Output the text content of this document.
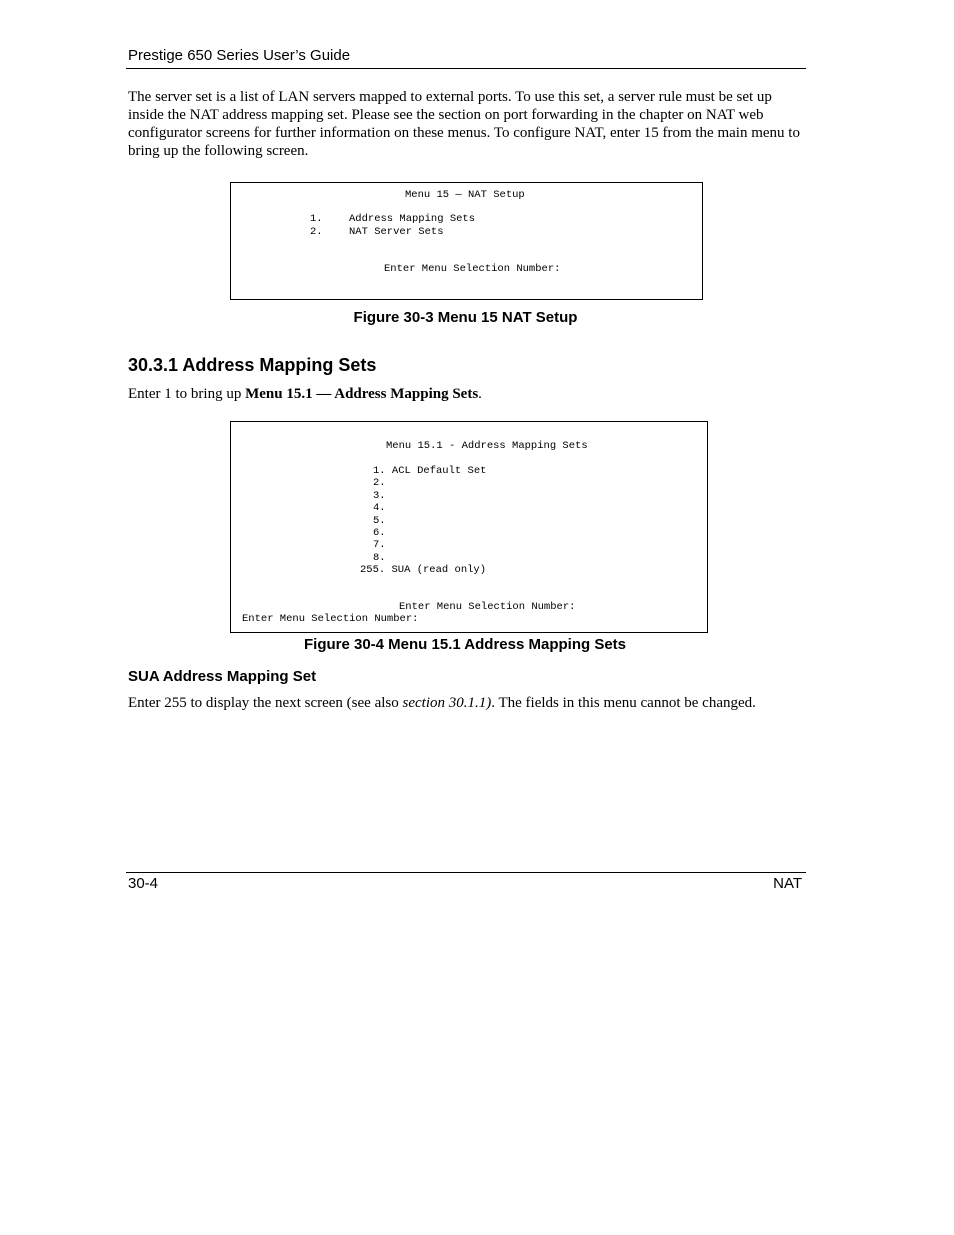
Prestige 650 Series User’s Guide
The server set is a list of LAN servers mapped to external ports. To use this set, a server rule must be set up inside the NAT address mapping set. Please see the section on port forwarding in the chapter on NAT web configurator screens for further information on these menus. To configure NAT, enter 15 from the main menu to bring up the following screen.
Menu 15 — NAT Setup
1.	Address Mapping Sets
2.	NAT Server Sets
Enter Menu Selection Number:
Figure 30-3 Menu 15 NAT Setup
30.3.1 Address Mapping Sets
Enter 1 to bring up Menu 15.1 — Address Mapping Sets.
Menu 15.1 - Address Mapping Sets
1. ACL Default Set
2.
3.
4.
5.
6.
7.
8.
255. SUA (read only)
Enter Menu Selection Number:
Enter Menu Selection Number:
Figure 30-4 Menu 15.1 Address Mapping Sets
SUA Address Mapping Set
Enter 255 to display the next screen (see also section 30.1.1). The fields in this menu cannot be changed.
30-4	NAT
